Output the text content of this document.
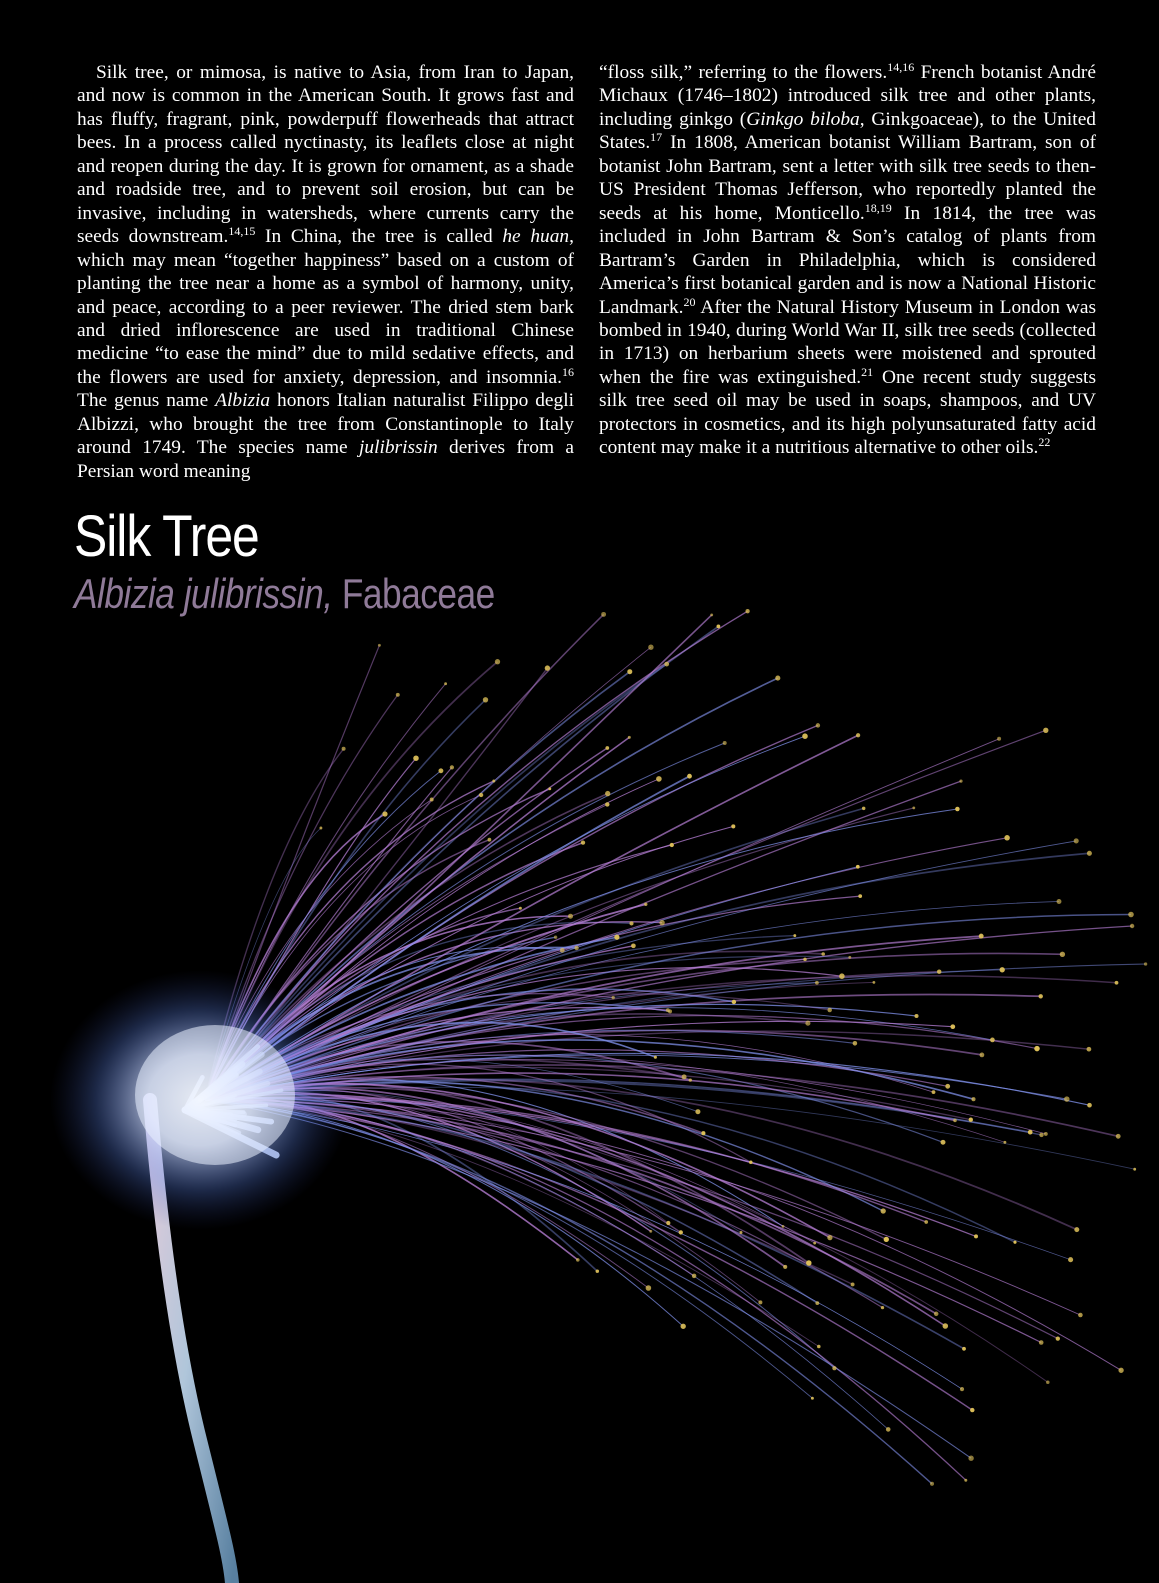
Silk tree, or mimosa, is native to Asia, from Iran to Japan, and now is common in the American South. It grows fast and has fluffy, fragrant, pink, powderpuff flowerheads that attract bees. In a process called nyctinasty, its leaflets close at night and reopen during the day. It is grown for ornament, as a shade and roadside tree, and to prevent soil erosion, but can be invasive, including in watersheds, where currents carry the seeds downstream.$^{14,15}$ In China, the tree is called he huan, which may mean “together happiness” based on a custom of planting the tree near a home as a symbol of harmony, unity, and peace, according to a peer reviewer. The dried stem bark and dried inflorescence are used in traditional Chinese medicine “to ease the mind” due to mild sedative effects, and the flowers are used for anxiety, depression, and insomnia.$^{16}$ The genus name Albizia honors Italian naturalist Filippo degli Albizzi, who brought the tree from Constantinople to Italy around 1749. The species name julibrissin derives from a Persian word meaning

“floss silk,” referring to the flowers.$^{14,16}$ French botanist André Michaux (1746–1802) introduced silk tree and other plants, including ginkgo (Ginkgo biloba, Ginkgoaceae), to the United States.$^{17}$ In 1808, American botanist William Bartram, son of botanist John Bartram, sent a letter with silk tree seeds to then-US President Thomas Jefferson, who reportedly planted the seeds at his home, Monticello.$^{18,19}$ In 1814, the tree was included in John Bartram & Son’s catalog of plants from Bartram’s Garden in Philadelphia, which is considered America’s first botanical garden and is now a National Historic Landmark.$^{20}$ After the Natural History Museum in London was bombed in 1940, during World War II, silk tree seeds (collected in 1713) on herbarium sheets were moistened and sprouted when the fire was extinguished.$^{21}$ One recent study suggests silk tree seed oil may be used in soaps, shampoos, and UV protectors in cosmetics, and its high polyunsaturated fatty acid content may make it a nutritious alternative to other oils.$^{22}$

Silk Tree
Albizia julibrissin, Fabaceae
